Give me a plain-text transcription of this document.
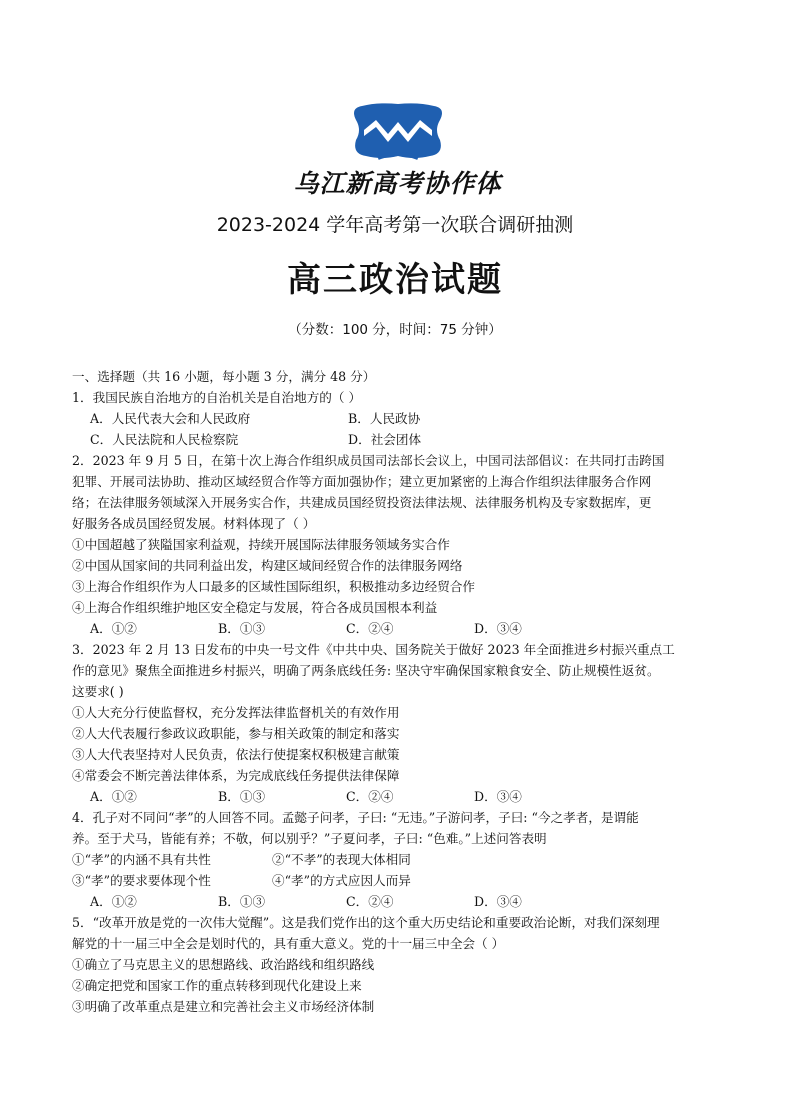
乌江新高考协作体
2023-2024 学年高考第一次联合调研抽测
高三政治试题
（分数：100 分，时间：75 分钟）
一、选择题（共 16 小题，每小题 3 分，满分 48 分）
1．我国民族自治地方的自治机关是自治地方的（ ）
A．人民代表大会和人民政府	B．人民政协
C．人民法院和人民检察院	D．社会团体
2．2023 年 9 月 5 日，在第十次上海合作组织成员国司法部长会议上，中国司法部倡议：在共同打击跨国
犯罪、开展司法协助、推动区域经贸合作等方面加强协作；建立更加紧密的上海合作组织法律服务合作网
络；在法律服务领域深入开展务实合作，共建成员国经贸投资法律法规、法律服务机构及专家数据库，更
好服务各成员国经贸发展。材料体现了（ ）
①中国超越了狭隘国家利益观，持续开展国际法律服务领域务实合作
②中国从国家间的共同利益出发，构建区域间经贸合作的法律服务网络
③上海合作组织作为人口最多的区域性国际组织，积极推动多边经贸合作
④上海合作组织维护地区安全稳定与发展，符合各成员国根本利益
A．①②	B．①③	C．②④	D．③④
3．2023 年 2 月 13 日发布的中央一号文件《中共中央、国务院关于做好 2023 年全面推进乡村振兴重点工
作的意见》聚焦全面推进乡村振兴，明确了两条底线任务: 坚决守牢确保国家粮食安全、防止规模性返贫。
这要求( )
①人大充分行使监督权，充分发挥法律监督机关的有效作用
②人大代表履行参政议政职能，参与相关政策的制定和落实
③人大代表坚持对人民负责，依法行使提案权积极建言献策
④常委会不断完善法律体系，为完成底线任务提供法律保障
A．①②	B．①③	C．②④	D．③④
4．孔子对不同问“孝”的人回答不同。孟懿子问孝，子曰: “无违。”子游问孝，子曰: “今之孝者，是谓能
养。至于犬马，皆能有养；不敬，何以别乎？”子夏问孝，子曰: “色难。”上述问答表明
①“孝”的内涵不具有共性	②“不孝”的表现大体相同
③“孝”的要求要体现个性	④“孝”的方式应因人而异
A．①②	B．①③	C．②④	D．③④
5．“改革开放是党的一次伟大觉醒”。这是我们党作出的这个重大历史结论和重要政治论断，对我们深刻理
解党的十一届三中全会是划时代的，具有重大意义。党的十一届三中全会（ ）
①确立了马克思主义的思想路线、政治路线和组织路线
②确定把党和国家工作的重点转移到现代化建设上来
③明确了改革重点是建立和完善社会主义市场经济体制
